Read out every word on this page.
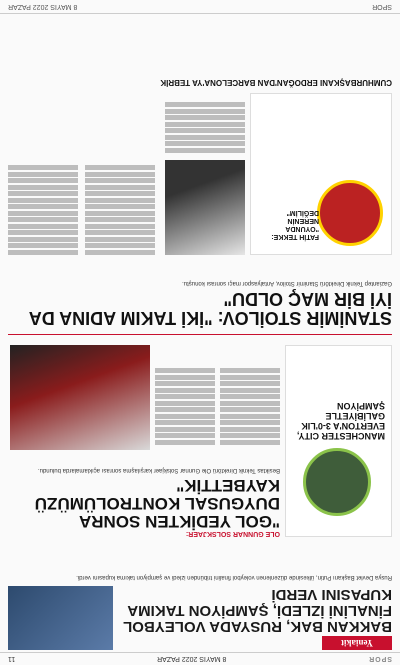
SPOR
8 MAYIS 2022 PAZAR
11
Yeniakit
BAKKAN BAK, RUSYADA VOLEYBOL FİNALİNİ İZLEDİ, ŞAMPİYON TAKIMA KUPASINI VERDİ
Rusya Devlet Başkanı Putin, ülkesinde düzenlenen voleybol finalini tribünden izledi ve şampiyon takıma kupasını verdi.
MANCHESTER CITY, EVERTON'A 3-0'LIK GALİBİYETLE ŞAMPİYON
OLE GUNNAR SOLSKJAER:
"GOL YEDİKTEN SONRA DUYGUSAL KONTROLÜMÜZÜ KAYBETTİK"
Besiktas Teknik Direktörü Ole Gunnar Solskjaer karşılaşma sonrası açıklamalarda bulundu.
STANİMİR STOİLOV: "İKİ TAKIM ADINA DA İYİ BİR MAÇ OLDU"
Gaziantep Teknik Direktörü Stanimir Stoilov, Antalyaspor maçı sonrası konuştu.
FATİH TEKKE: "OYUNDA NERENİN DEĞİLİM"
CUMHURBAŞKANI ERDOĞAN'DAN BARCELONA'YA TEBRİK
SPOR
8 MAYIS 2022 PAZAR
